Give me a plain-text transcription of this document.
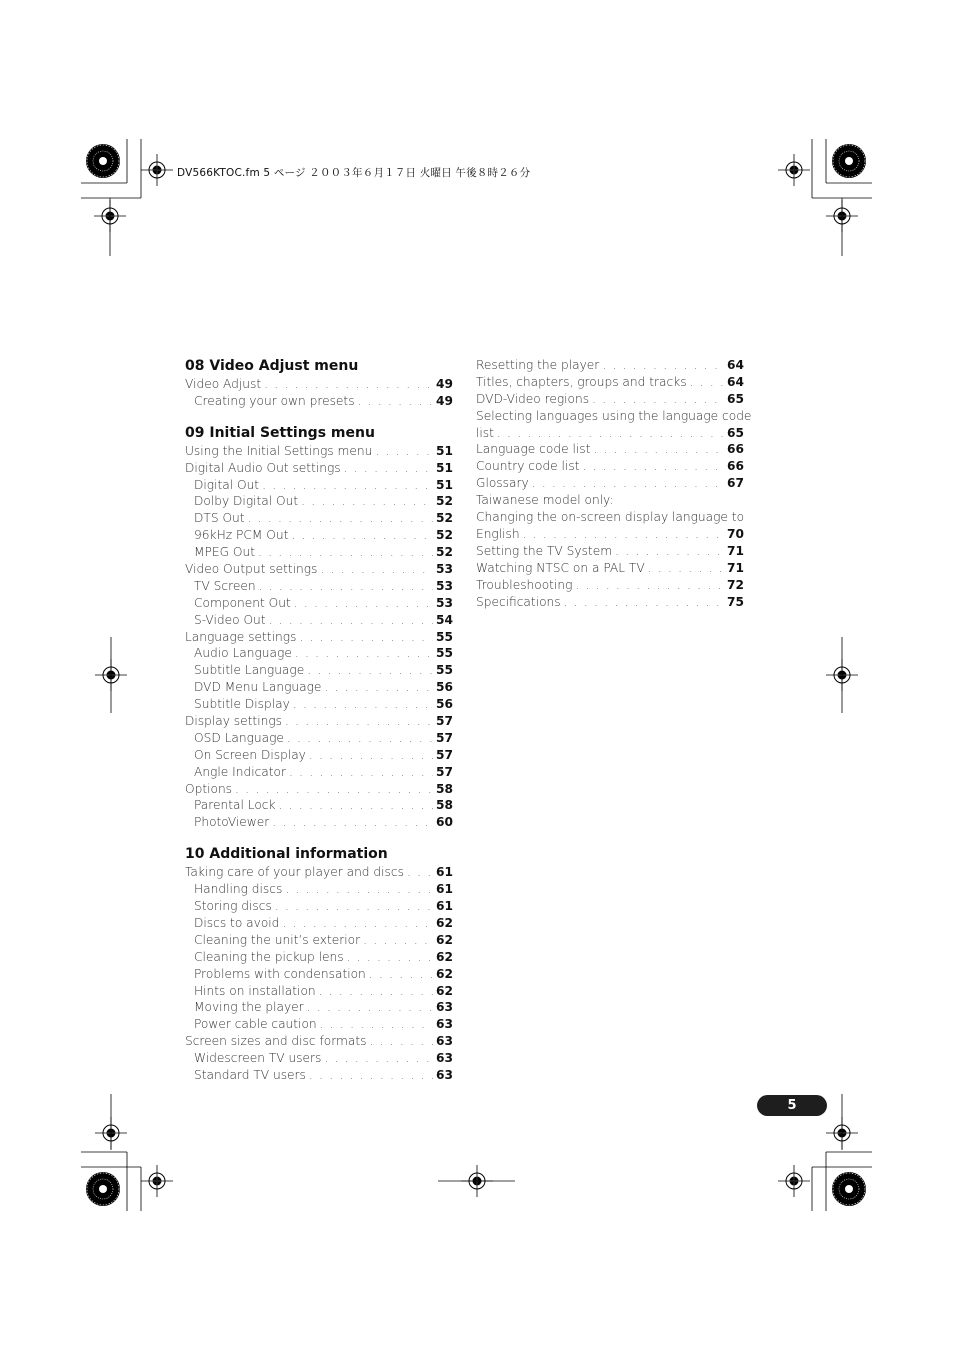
DV566KTOC.fm 5 ページ ２００３年６月１７日 火曜日 午後８時２６分
08 Video Adjust menu
Video Adjust . . .	49
Creating your own presets . . .	49
09 Initial Settings menu
Using the Initial Settings menu . . .	51
Digital Audio Out settings . . .	51
Digital Out . . .	51
Dolby Digital Out . . .	52
DTS Out . . .	52
96kHz PCM Out . . .	52
MPEG Out . . .	52
Video Output settings . . .	53
TV Screen . . .	53
Component Out . . .	53
S-Video Out . . .	54
Language settings . . .	55
Audio Language . . .	55
Subtitle Language . . .	55
DVD Menu Language . . .	56
Subtitle Display . . .	56
Display settings . . .	57
OSD Language . . .	57
On Screen Display . . .	57
Angle Indicator . . .	57
Options . . .	58
Parental Lock . . .	58
PhotoViewer . . .	60
10 Additional information
Taking care of your player and discs . . .	61
Handling discs . . .	61
Storing discs . . .	61
Discs to avoid . . .	62
Cleaning the unit’s exterior . . .	62
Cleaning the pickup lens . . .	62
Problems with condensation . . .	62
Hints on installation . . .	62
Moving the player . . .	63
Power cable caution . . .	63
Screen sizes and disc formats . . .	63
Widescreen TV users . . .	63
Standard TV users . . .	63
Resetting the player . . .	64
Titles, chapters, groups and tracks . . .	64
DVD-Video regions . . .	65
Selecting languages using the language code
list . . .	65
Language code list . . .	66
Country code list . . .	66
Glossary . . .	67
Taiwanese model only:
Changing the on-screen display language to
English . . .	70
Setting the TV System . . .	71
Watching NTSC on a PAL TV . . .	71
Troubleshooting . . .	72
Specifications . . .	75
5
